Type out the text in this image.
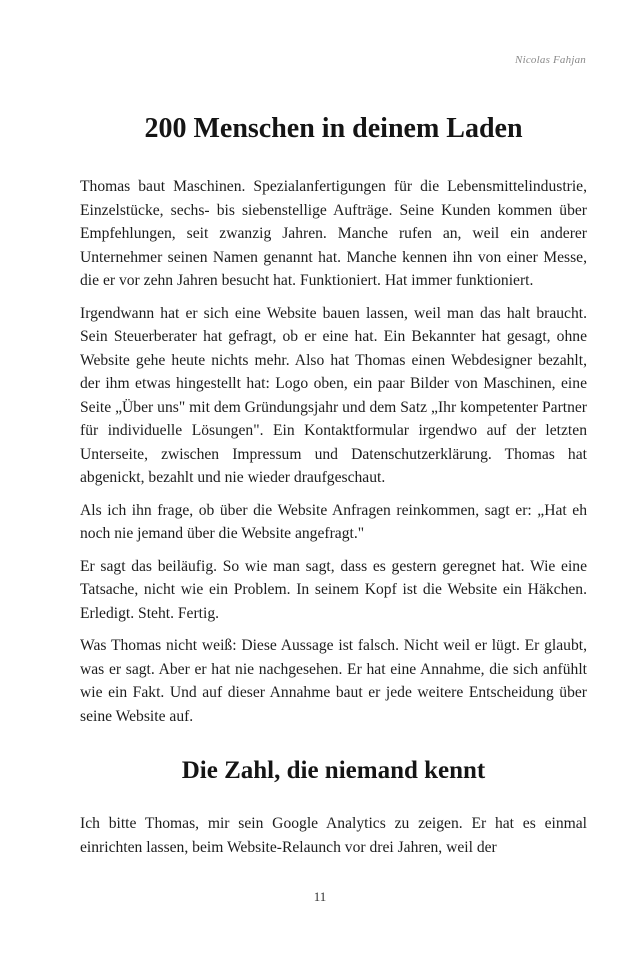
Nicolas Fahjan
200 Menschen in deinem Laden

Thomas baut Maschinen. Spezialanfertigungen für die Lebensmittelindustrie, Einzelstücke, sechs- bis siebenstellige Aufträge. Seine Kunden kommen über Empfehlungen, seit zwanzig Jahren. Manche rufen an, weil ein anderer Unternehmer seinen Namen genannt hat. Manche kennen ihn von einer Messe, die er vor zehn Jahren besucht hat. Funktioniert. Hat immer funktioniert.

Irgendwann hat er sich eine Website bauen lassen, weil man das halt braucht. Sein Steuerberater hat gefragt, ob er eine hat. Ein Bekannter hat gesagt, ohne Website gehe heute nichts mehr. Also hat Thomas einen Webdesigner bezahlt, der ihm etwas hingestellt hat: Logo oben, ein paar Bilder von Maschinen, eine Seite „Über uns" mit dem Gründungsjahr und dem Satz „Ihr kompetenter Partner für individuelle Lösungen". Ein Kontaktformular irgendwo auf der letzten Unterseite, zwischen Impressum und Datenschutzerklärung. Thomas hat abgenickt, bezahlt und nie wieder draufgeschaut.

Als ich ihn frage, ob über die Website Anfragen reinkommen, sagt er: „Hat eh noch nie jemand über die Website angefragt."

Er sagt das beiläufig. So wie man sagt, dass es gestern geregnet hat. Wie eine Tatsache, nicht wie ein Problem. In seinem Kopf ist die Website ein Häkchen. Erledigt. Steht. Fertig.

Was Thomas nicht weiß: Diese Aussage ist falsch. Nicht weil er lügt. Er glaubt, was er sagt. Aber er hat nie nachgesehen. Er hat eine Annahme, die sich anfühlt wie ein Fakt. Und auf dieser Annahme baut er jede weitere Entscheidung über seine Website auf.

Die Zahl, die niemand kennt

Ich bitte Thomas, mir sein Google Analytics zu zeigen. Er hat es einmal einrichten lassen, beim Website-Relaunch vor drei Jahren, weil der

11
